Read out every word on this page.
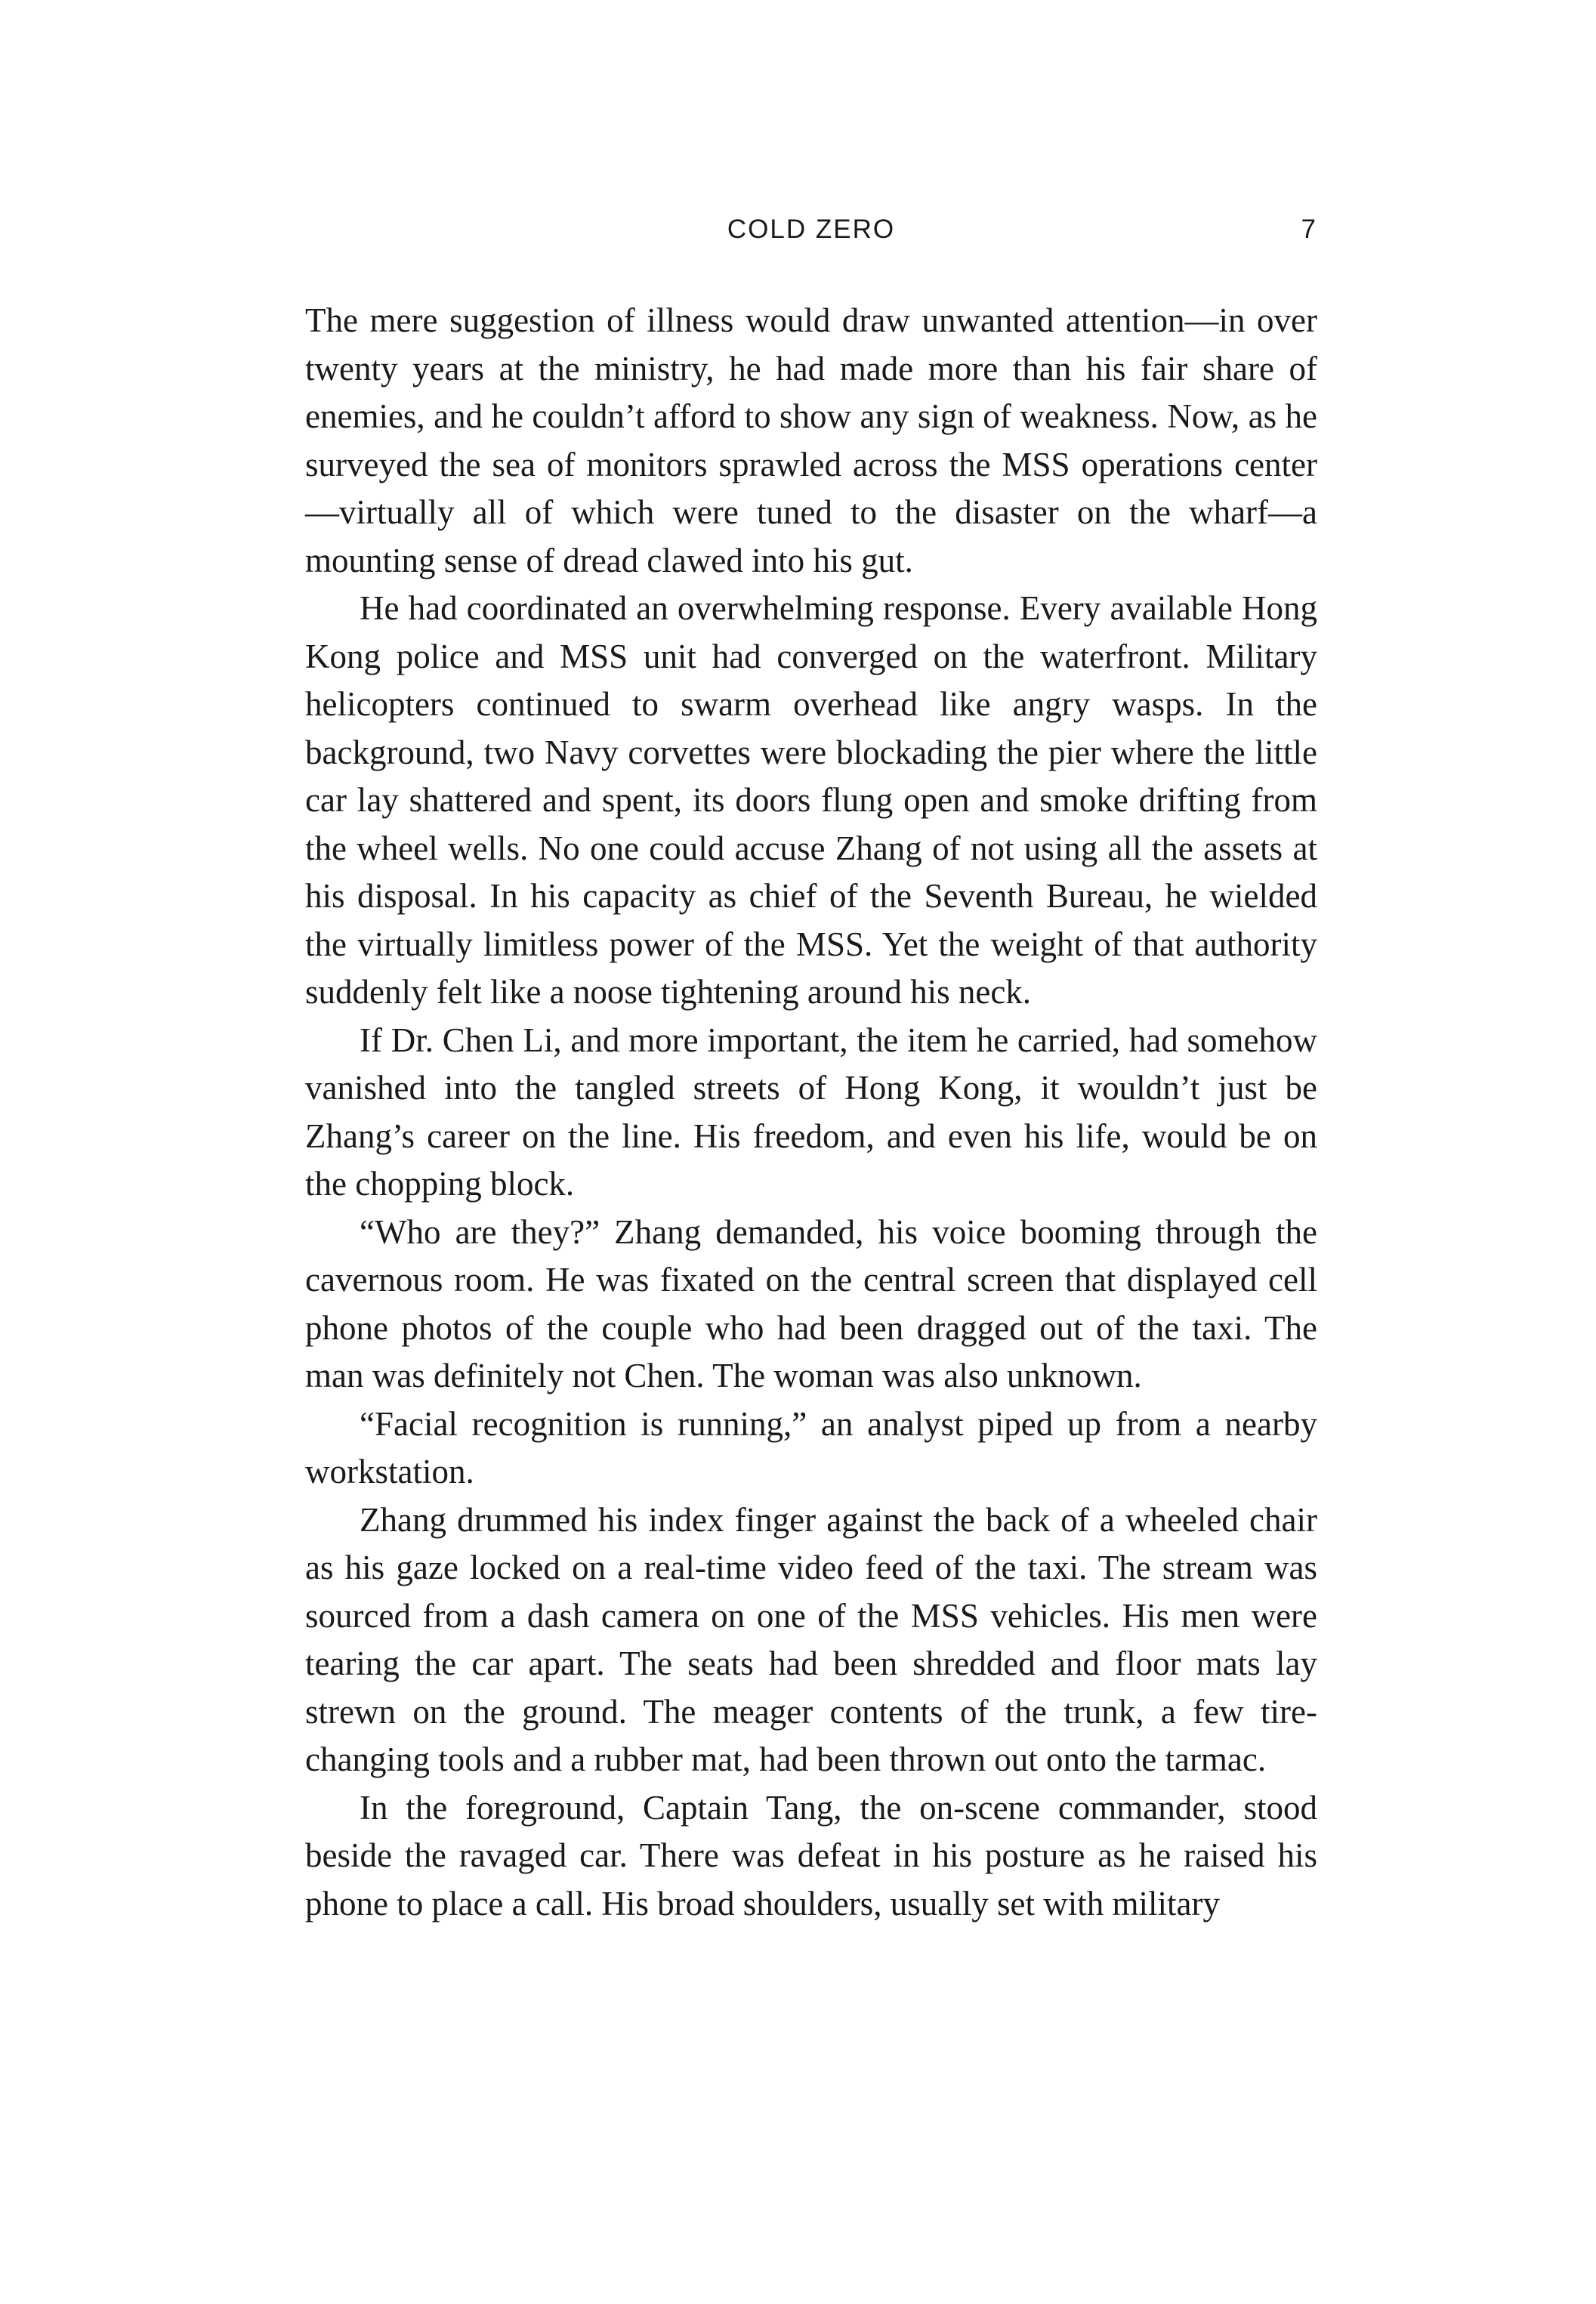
COLD ZERO	7

The mere suggestion of illness would draw unwanted attention—in over twenty years at the ministry, he had made more than his fair share of enemies, and he couldn’t afford to show any sign of weakness. Now, as he surveyed the sea of monitors sprawled across the MSS operations center—virtually all of which were tuned to the disaster on the wharf—a mounting sense of dread clawed into his gut.

He had coordinated an overwhelming response. Every available Hong Kong police and MSS unit had converged on the waterfront. Military helicopters continued to swarm overhead like angry wasps. In the background, two Navy corvettes were blockading the pier where the little car lay shattered and spent, its doors flung open and smoke drifting from the wheel wells. No one could accuse Zhang of not using all the assets at his disposal. In his capacity as chief of the Seventh Bureau, he wielded the virtually limitless power of the MSS. Yet the weight of that authority suddenly felt like a noose tightening around his neck.

If Dr. Chen Li, and more important, the item he carried, had somehow vanished into the tangled streets of Hong Kong, it wouldn’t just be Zhang’s career on the line. His freedom, and even his life, would be on the chopping block.

“Who are they?” Zhang demanded, his voice booming through the cavernous room. He was fixated on the central screen that displayed cell phone photos of the couple who had been dragged out of the taxi. The man was definitely not Chen. The woman was also unknown.

“Facial recognition is running,” an analyst piped up from a nearby workstation.

Zhang drummed his index finger against the back of a wheeled chair as his gaze locked on a real-time video feed of the taxi. The stream was sourced from a dash camera on one of the MSS vehicles. His men were tearing the car apart. The seats had been shredded and floor mats lay strewn on the ground. The meager contents of the trunk, a few tire-changing tools and a rubber mat, had been thrown out onto the tarmac.

In the foreground, Captain Tang, the on-scene commander, stood beside the ravaged car. There was defeat in his posture as he raised his phone to place a call. His broad shoulders, usually set with military
